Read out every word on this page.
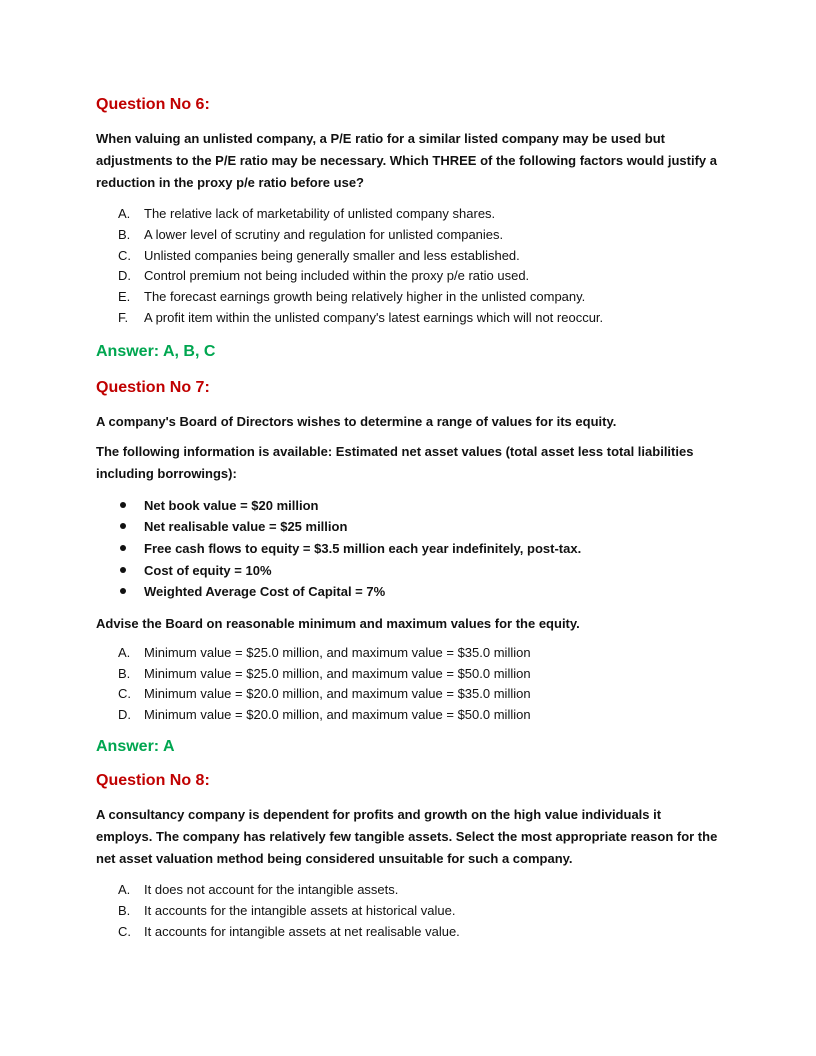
Question No 6:

When valuing an unlisted company, a P/E ratio for a similar listed company may be used but adjustments to the P/E ratio may be necessary. Which THREE of the following factors would justify a reduction in the proxy p/e ratio before use?

A. The relative lack of marketability of unlisted company shares.
B. A lower level of scrutiny and regulation for unlisted companies.
C. Unlisted companies being generally smaller and less established.
D. Control premium not being included within the proxy p/e ratio used.
E. The forecast earnings growth being relatively higher in the unlisted company.
F. A profit item within the unlisted company's latest earnings which will not reoccur.

Answer: A, B, C

Question No 7:

A company's Board of Directors wishes to determine a range of values for its equity.

The following information is available: Estimated net asset values (total asset less total liabilities including borrowings):

Net book value = $20 million
Net realisable value = $25 million
Free cash flows to equity = $3.5 million each year indefinitely, post-tax.
Cost of equity = 10%
Weighted Average Cost of Capital = 7%

Advise the Board on reasonable minimum and maximum values for the equity.

A. Minimum value = $25.0 million, and maximum value = $35.0 million
B. Minimum value = $25.0 million, and maximum value = $50.0 million
C. Minimum value = $20.0 million, and maximum value = $35.0 million
D. Minimum value = $20.0 million, and maximum value = $50.0 million

Answer: A

Question No 8:

A consultancy company is dependent for profits and growth on the high value individuals it employs. The company has relatively few tangible assets. Select the most appropriate reason for the net asset valuation method being considered unsuitable for such a company.

A. It does not account for the intangible assets.
B. It accounts for the intangible assets at historical value.
C. It accounts for intangible assets at net realisable value.
